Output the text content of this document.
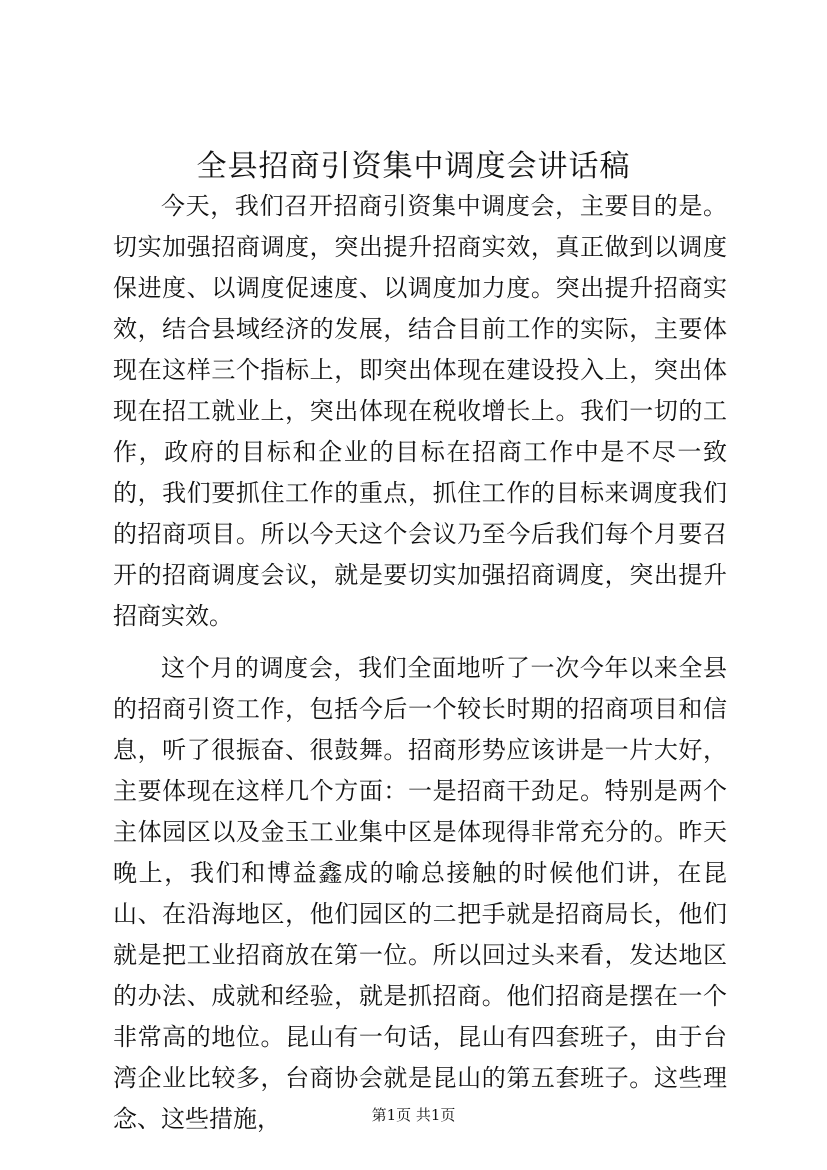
全县招商引资集中调度会讲话稿

今天，我们召开招商引资集中调度会，主要目的是。切实加强招商调度，突出提升招商实效，真正做到以调度保进度、以调度促速度、以调度加力度。突出提升招商实效，结合县域经济的发展，结合目前工作的实际，主要体现在这样三个指标上，即突出体现在建设投入上，突出体现在招工就业上，突出体现在税收增长上。我们一切的工作，政府的目标和企业的目标在招商工作中是不尽一致的，我们要抓住工作的重点，抓住工作的目标来调度我们的招商项目。所以今天这个会议乃至今后我们每个月要召开的招商调度会议，就是要切实加强招商调度，突出提升招商实效。

这个月的调度会，我们全面地听了一次今年以来全县的招商引资工作，包括今后一个较长时期的招商项目和信息，听了很振奋、很鼓舞。招商形势应该讲是一片大好，主要体现在这样几个方面：一是招商干劲足。特别是两个主体园区以及金玉工业集中区是体现得非常充分的。昨天晚上，我们和博益鑫成的喻总接触的时候他们讲，在昆山、在沿海地区，他们园区的二把手就是招商局长，他们就是把工业招商放在第一位。所以回过头来看，发达地区的办法、成就和经验，就是抓招商。他们招商是摆在一个非常高的地位。昆山有一句话，昆山有四套班子，由于台湾企业比较多，台商协会就是昆山的第五套班子。这些理念、这些措施，	第1页 共1页
